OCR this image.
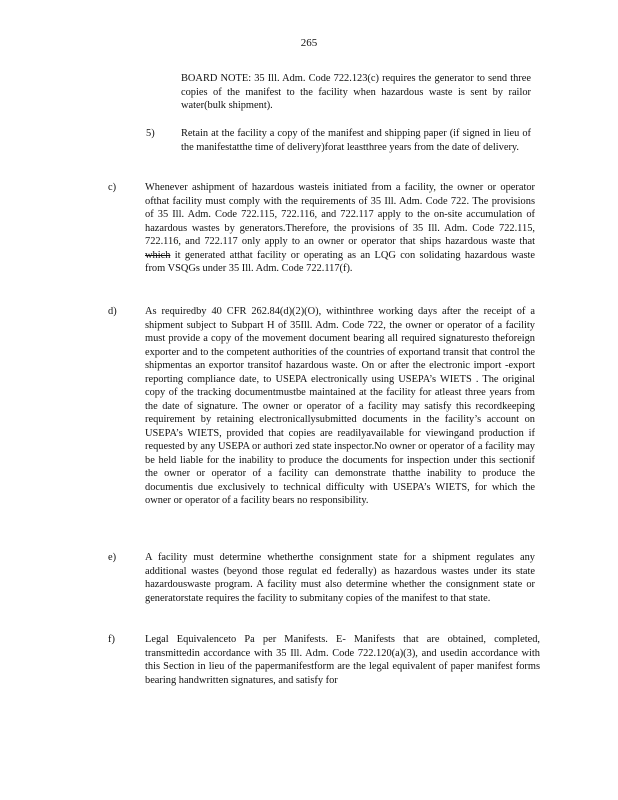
265
BOARD NOTE: 35 Ill. Adm. Code 722.123(c) requires the generator to send three copies of the manifest to the facility when hazardous waste is sent by railor water(bulk shipment).
5)	Retain at the facility a copy of the manifest and shipping paper (if signed in lieu of the manifestatthe time of delivery)forat leastthree years from the date of delivery.
c)	Whenever ashipment of hazardous wasteis initiated from a facility, the owner or operator ofthat facility must comply with the requirements of 35 Ill. Adm. Code 722. The provisions of 35 Ill. Adm. Code 722.115, 722.116, and 722.117 apply to the on-site accumulation of hazardous wastes by generators.Therefore, the provisions of 35 Ill. Adm. Code 722.115, 722.116, and 722.117 only apply to an owner or operator that ships hazardous waste that which it generated atthat facility or operating as an LQG con solidating hazardous waste from VSQGs under 35 Ill. Adm. Code 722.117(f).
d)	As requiredby 40 CFR 262.84(d)(2)(O), withinthree working days after the receipt of a shipment subject to Subpart H of 35Ill. Adm. Code 722, the owner or operator of a facility must provide a copy of the movement document bearing all required signaturesto theforeign exporter and to the competent authorities of the countries of exportand transit that control the shipmentas an exportor transitof hazardous waste. On or after the electronic import -export reporting compliance date, to USEPA electronically using USEPA’s WIETS . The original copy of the tracking documentmustbe maintained at the facility for atleast three years from the date of signature. The owner or operator of a facility may satisfy this recordkeeping requirement by retaining electronicallysubmitted documents in the facility’s account on USEPA’s WIETS, provided that copies are readilyavailable for viewingand production if requested by any USEPA or authori zed state inspector.No owner or operator of a facility may be held liable for the inability to produce the documents for inspection under this sectionif the owner or operator of a facility can demonstrate thatthe inability to produce the documentis due exclusively to technical difficulty with USEPA’s WIETS, for which the owner or operator of a facility bears no responsibility.
e)	A facility must determine whetherthe consignment state for a shipment regulates any additional wastes (beyond those regulat ed federally) as hazardous wastes under its state hazardouswaste program. A facility must also determine whether the consignment state or generatorstate requires the facility to submitany copies of the manifest to that state.
f)	Legal Equivalenceto Pa per Manifests. E- Manifests that are obtained, completed, transmittedin accordance with 35 Ill. Adm. Code 722.120(a)(3), and usedin accordance with this Section in lieu of the papermanifestform are the legal equivalent of paper manifest forms bearing handwritten signatures, and satisfy for
